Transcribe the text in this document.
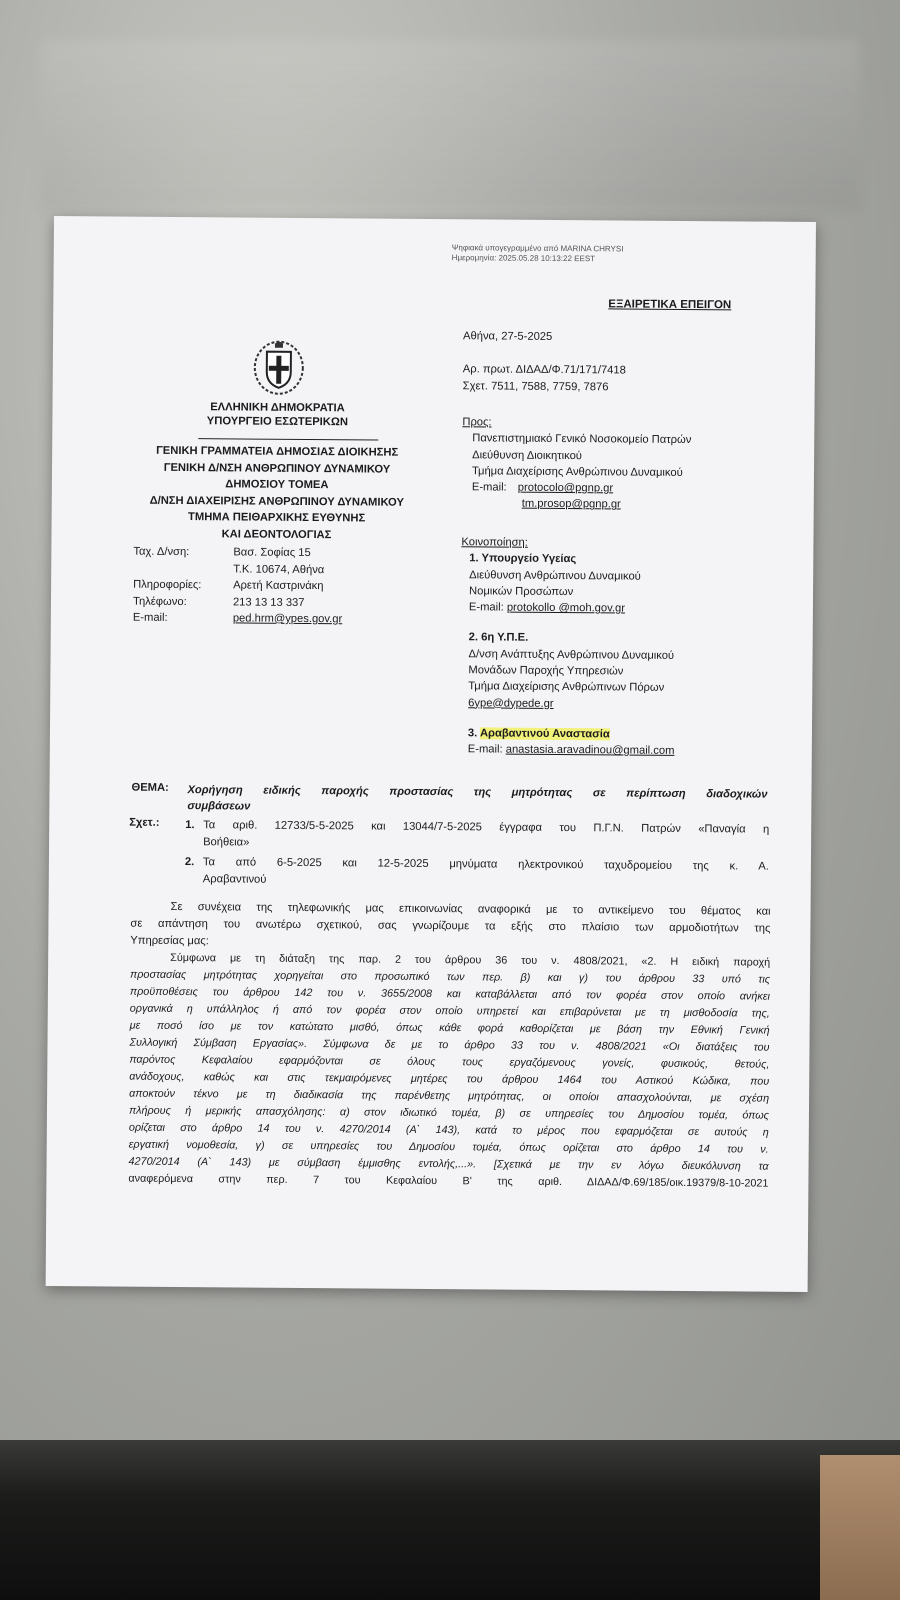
Ψηφιακά υπογεγραμμένο από MARINA CHRYSI
Ημερομηνία: 2025.05.28 10:13:22 EEST
ΕΞΑΙΡΕΤΙΚΑ ΕΠΕΙΓΟΝ
Αθήνα, 27-5-2025
Αρ. πρωτ. ΔΙΔΑΔ/Φ.71/171/7418
Σχετ. 7511, 7588, 7759, 7876
ΕΛΛΗΝΙΚΗ ΔΗΜΟΚΡΑΤΙΑ
ΥΠΟΥΡΓΕΙΟ ΕΣΩΤΕΡΙΚΩΝ
ΓΕΝΙΚΗ ΓΡΑΜΜΑΤΕΙΑ ΔΗΜΟΣΙΑΣ ΔΙΟΙΚΗΣΗΣ
ΓΕΝΙΚΗ Δ/ΝΣΗ ΑΝΘΡΩΠΙΝΟΥ ΔΥΝΑΜΙΚΟΥ
ΔΗΜΟΣΙΟΥ ΤΟΜΕΑ
Δ/ΝΣΗ ΔΙΑΧΕΙΡΙΣΗΣ ΑΝΘΡΩΠΙΝΟΥ ΔΥΝΑΜΙΚΟΥ
ΤΜΗΜΑ ΠΕΙΘΑΡΧΙΚΗΣ ΕΥΘΥΝΗΣ
ΚΑΙ ΔΕΟΝΤΟΛΟΓΙΑΣ
Ταχ. Δ/νση:
Πληροφορίες:
Τηλέφωνο:
E-mail:
Βασ. Σοφίας 15
Τ.Κ. 10674, Αθήνα
Αρετή Καστρινάκη
213 13 13 337
ped.hrm@ypes.gov.gr
Προς:
Πανεπιστημιακό Γενικό Νοσοκομείο Πατρών
Διεύθυνση Διοικητικού
Τμήμα Διαχείρισης Ανθρώπινου Δυναμικού
E-mail: protocolo@pgnp.gr
tm.prosop@pgnp.gr
Κοινοποίηση:
1. Υπουργείο Υγείας
Διεύθυνση Ανθρώπινου Δυναμικού
Νομικών Προσώπων
E-mail: protokollo @moh.gov.gr
2. 6η Υ.Π.Ε.
Δ/νση Ανάπτυξης Ανθρώπινου Δυναμικού
Μονάδων Παροχής Υπηρεσιών
Τμήμα Διαχείρισης Ανθρώπινων Πόρων
6ype@dypede.gr
3. Αραβαντινού Αναστασία
E-mail: anastasia.aravadinou@gmail.com
ΘΕΜΑ: Χορήγηση ειδικής παροχής προστασίας της μητρότητας σε περίπτωση διαδοχικών
συμβάσεων
Σχετ.: 1. Τα αριθ. 12733/5-5-2025 και 13044/7-5-2025 έγγραφα του Π.Γ.Ν. Πατρών «Παναγία η
Βοήθεια»
2. Τα από 6-5-2025 και 12-5-2025 μηνύματα ηλεκτρονικού ταχυδρομείου της κ. Α.
Αραβαντινού
Σε συνέχεια της τηλεφωνικής μας επικοινωνίας αναφορικά με το αντικείμενο του θέματος και
σε απάντηση του ανωτέρω σχετικού, σας γνωρίζουμε τα εξής στο πλαίσιο των αρμοδιοτήτων της
Υπηρεσίας μας:
Σύμφωνα με τη διάταξη της παρ. 2 του άρθρου 36 του ν. 4808/2021, «2. Η ειδική παροχή
προστασίας μητρότητας χορηγείται στο προσωπικό των περ. β) και γ) του άρθρου 33 υπό τις
προϋποθέσεις του άρθρου 142 του ν. 3655/2008 και καταβάλλεται από τον φορέα στον οποίο ανήκει
οργανικά η υπάλληλος ή από τον φορέα στον οποίο υπηρετεί και επιβαρύνεται με τη μισθοδοσία της,
με ποσό ίσο με τον κατώτατο μισθό, όπως κάθε φορά καθορίζεται με βάση την Εθνική Γενική
Συλλογική Σύμβαση Εργασίας». Σύμφωνα δε με το άρθρο 33 του ν. 4808/2021 «Οι διατάξεις του
παρόντος Κεφαλαίου εφαρμόζονται σε όλους τους εργαζόμενους γονείς, φυσικούς, θετούς,
ανάδοχους, καθώς και στις τεκμαιρόμενες μητέρες του άρθρου 1464 του Αστικού Κώδικα, που
αποκτούν τέκνο με τη διαδικασία της παρένθετης μητρότητας, οι οποίοι απασχολούνται, με σχέση
πλήρους ή μερικής απασχόλησης: α) στον ιδιωτικό τομέα, β) σε υπηρεσίες του Δημοσίου τομέα, όπως
ορίζεται στο άρθρο 14 του ν. 4270/2014 (Α` 143), κατά το μέρος που εφαρμόζεται σε αυτούς η
εργατική νομοθεσία, γ) σε υπηρεσίες του Δημοσίου τομέα, όπως ορίζεται στο άρθρο 14 του ν.
4270/2014 (Α` 143) με σύμβαση έμμισθης εντολής,...». [Σχετικά με την εν λόγω διευκόλυνση τα
αναφερόμενα στην περ. 7 του Κεφαλαίου Β' της αριθ. ΔΙΔΑΔ/Φ.69/185/οικ.19379/8-10-2021
